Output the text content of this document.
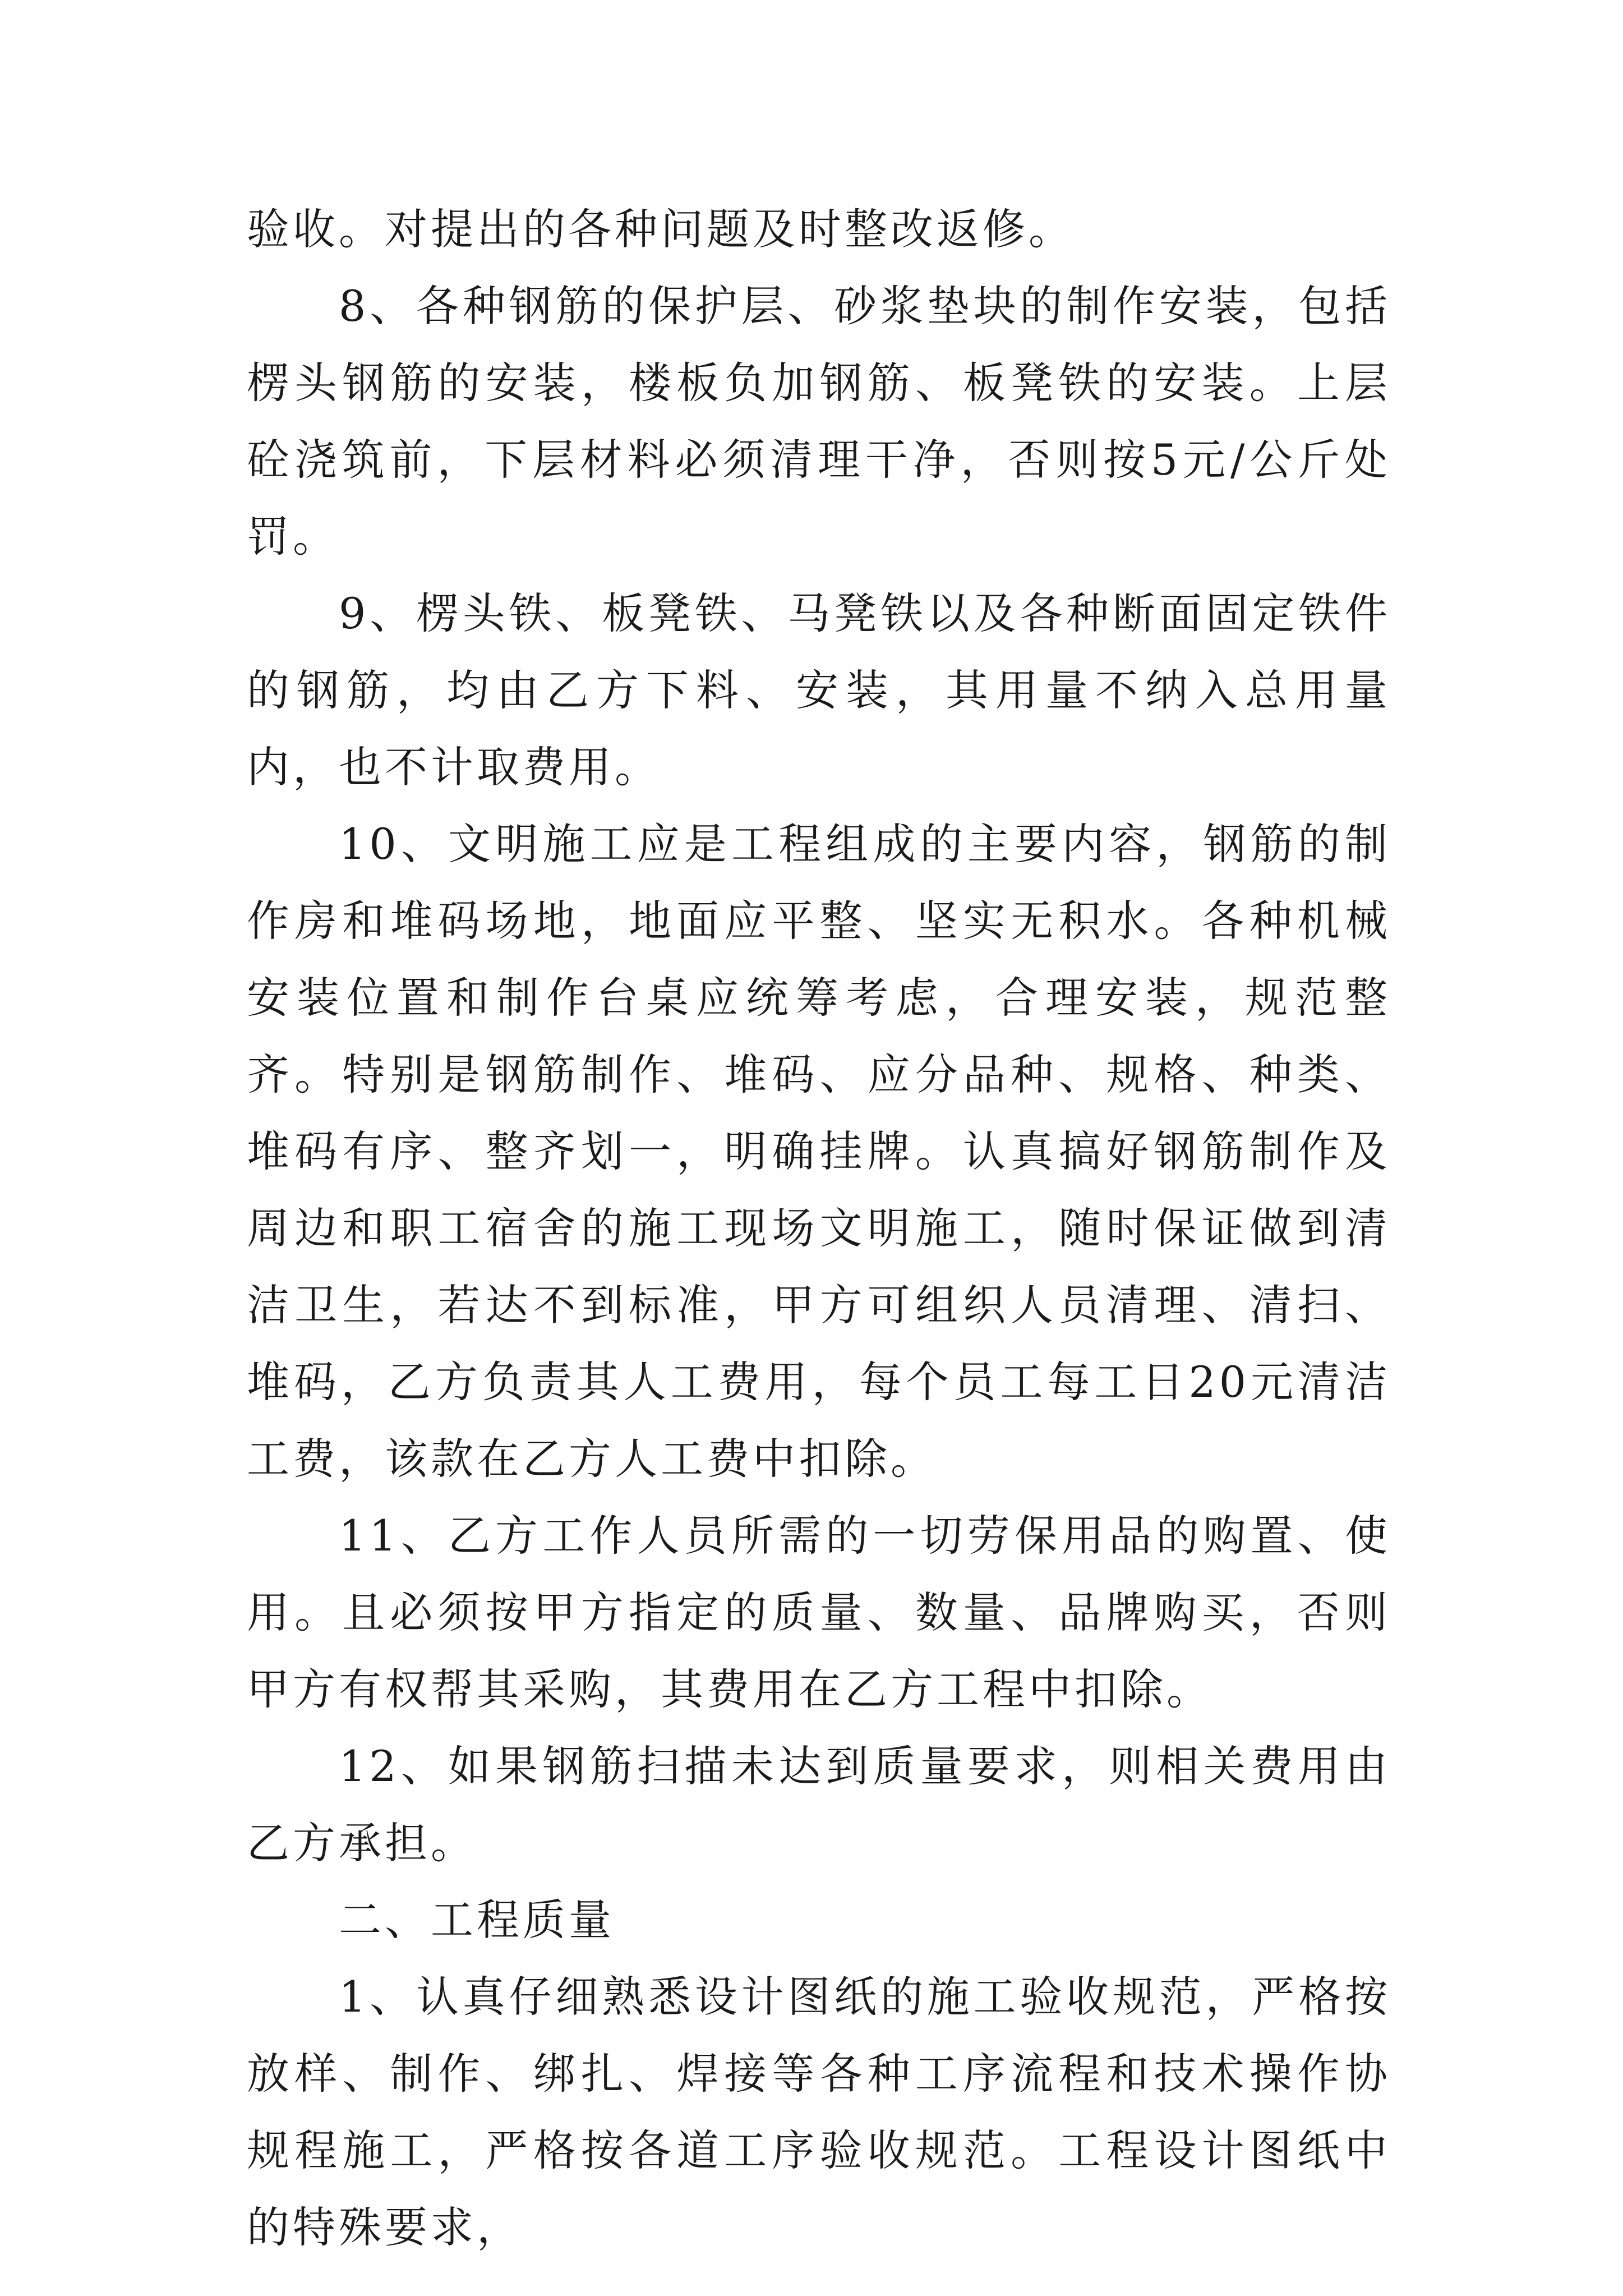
验收。对提出的各种问题及时整改返修。

8、各种钢筋的保护层、砂浆垫块的制作安装，包括楞头钢筋的安装，楼板负加钢筋、板凳铁的安装。上层砼浇筑前，下层材料必须清理干净，否则按5元/公斤处罚。

9、楞头铁、板凳铁、马凳铁以及各种断面固定铁件的钢筋，均由乙方下料、安装，其用量不纳入总用量内，也不计取费用。

10、文明施工应是工程组成的主要内容，钢筋的制作房和堆码场地，地面应平整、坚实无积水。各种机械安装位置和制作台桌应统筹考虑，合理安装，规范整齐。特别是钢筋制作、堆码、应分品种、规格、种类、堆码有序、整齐划一，明确挂牌。认真搞好钢筋制作及周边和职工宿舍的施工现场文明施工，随时保证做到清洁卫生，若达不到标准，甲方可组织人员清理、清扫、堆码，乙方负责其人工费用，每个员工每工日20元清洁工费，该款在乙方人工费中扣除。

11、乙方工作人员所需的一切劳保用品的购置、使用。且必须按甲方指定的质量、数量、品牌购买，否则甲方有权帮其采购，其费用在乙方工程中扣除。

12、如果钢筋扫描未达到质量要求，则相关费用由乙方承担。

二、工程质量

1、认真仔细熟悉设计图纸的施工验收规范，严格按放样、制作、绑扎、焊接等各种工序流程和技术操作协规程施工，严格按各道工序验收规范。工程设计图纸中的特殊要求，
